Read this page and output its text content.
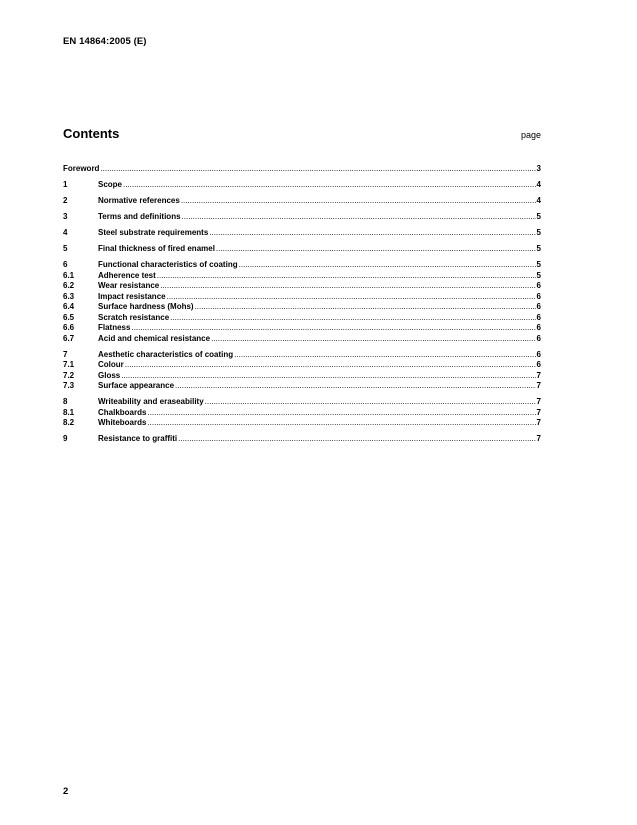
EN 14864:2005 (E)
Contents	page
Foreword .....	3
1	Scope .....	4
2	Normative references .....	4
3	Terms and definitions .....	5
4	Steel substrate requirements .....	5
5	Final thickness of fired enamel .....	5
6	Functional characteristics of coating .....	5
6.1	Adherence test .....	5
6.2	Wear resistance .....	6
6.3	Impact resistance .....	6
6.4	Surface hardness (Mohs) .....	6
6.5	Scratch resistance .....	6
6.6	Flatness .....	6
6.7	Acid and chemical resistance .....	6
7	Aesthetic characteristics of coating .....	6
7.1	Colour .....	6
7.2	Gloss .....	7
7.3	Surface appearance .....	7
8	Writeability and eraseability .....	7
8.1	Chalkboards .....	7
8.2	Whiteboards .....	7
9	Resistance to graffiti .....	7
2
